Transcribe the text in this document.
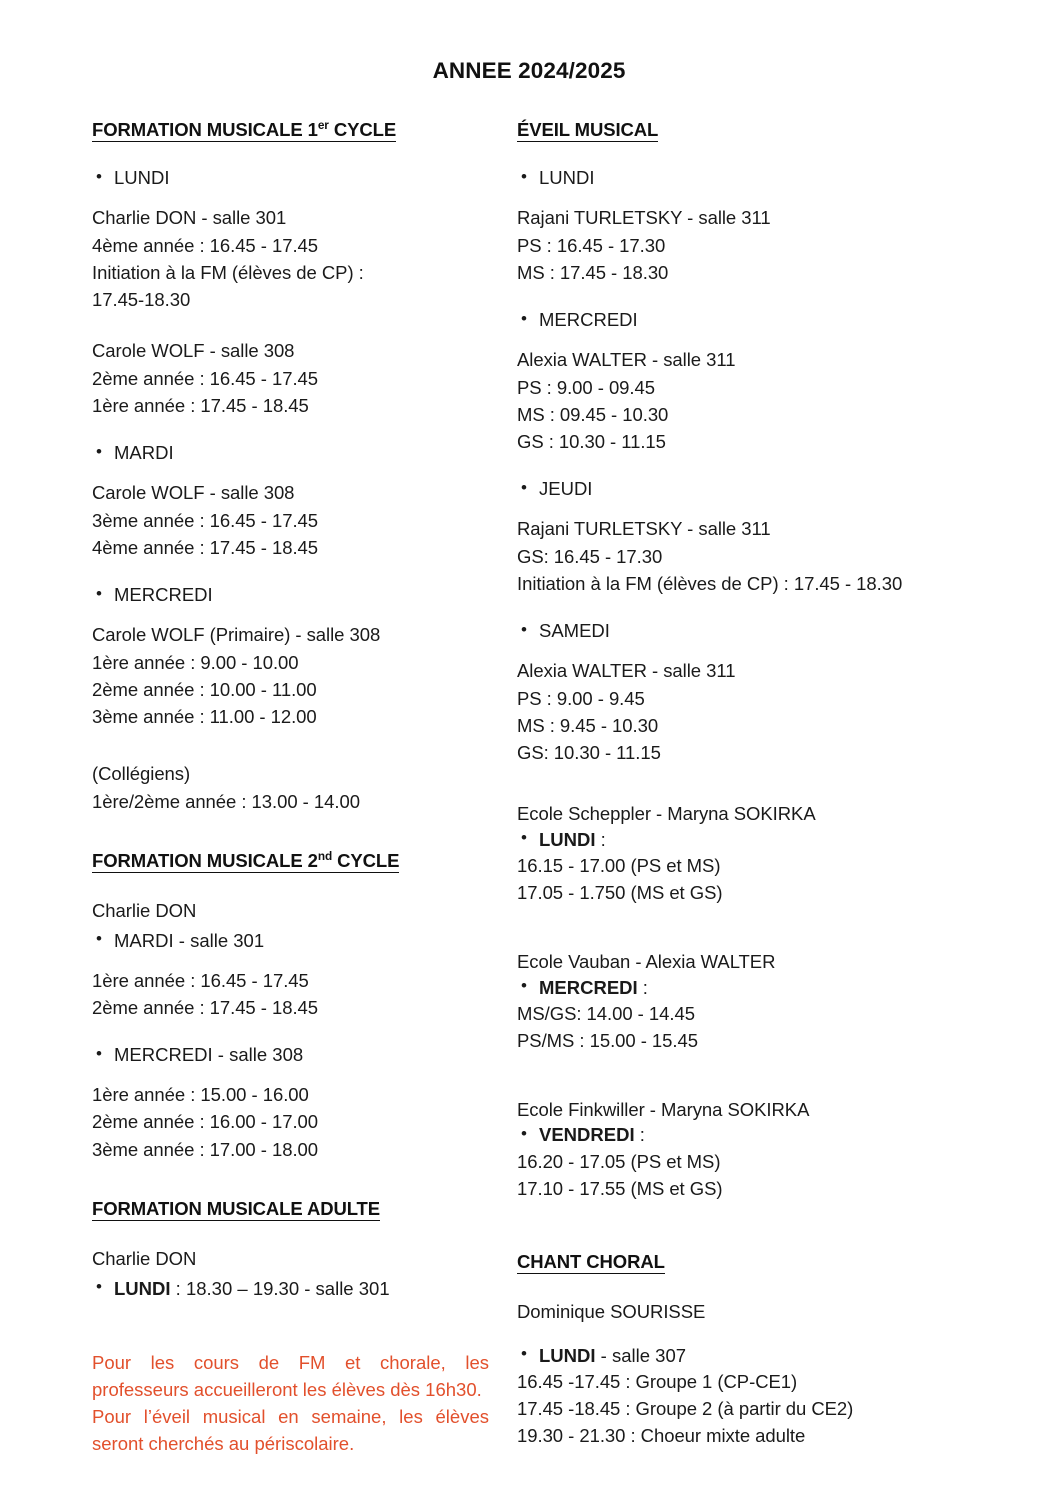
ANNEE 2024/2025
FORMATION MUSICALE 1er CYCLE
• LUNDI
Charlie DON - salle 301
4ème année : 16.45 - 17.45
Initiation à la FM (élèves de CP) :
17.45-18.30
Carole WOLF - salle 308
2ème année : 16.45 - 17.45
1ère année : 17.45 - 18.45
• MARDI
Carole WOLF - salle 308
3ème année : 16.45 - 17.45
4ème année : 17.45 - 18.45
• MERCREDI
Carole WOLF (Primaire) - salle 308
1ère année : 9.00 - 10.00
2ème année : 10.00 - 11.00
3ème année : 11.00 - 12.00
(Collégiens)
1ère/2ème année : 13.00 - 14.00
FORMATION MUSICALE 2nd CYCLE
Charlie DON
• MARDI - salle 301
1ère année : 16.45 - 17.45
2ème année : 17.45 - 18.45
• MERCREDI - salle 308
1ère année : 15.00 - 16.00
2ème année : 16.00 - 17.00
3ème année : 17.00 - 18.00
FORMATION MUSICALE ADULTE
Charlie DON
• LUNDI : 18.30 – 19.30 - salle 301

Pour les cours de FM et chorale, les professeurs accueilleront les élèves dès 16h30.

Pour l’éveil musical en semaine, les élèves seront cherchés au périscolaire.

ÉVEIL MUSICAL
• LUNDI
Rajani TURLETSKY - salle 311
PS : 16.45 - 17.30
MS : 17.45 - 18.30
• MERCREDI
Alexia WALTER - salle 311
PS : 9.00 - 09.45
MS : 09.45 - 10.30
GS : 10.30 - 11.15
• JEUDI
Rajani TURLETSKY - salle 311
GS: 16.45 - 17.30
Initiation à la FM (élèves de CP) : 17.45 - 18.30
• SAMEDI
Alexia WALTER - salle 311
PS : 9.00 - 9.45
MS : 9.45 - 10.30
GS: 10.30 - 11.15
Ecole Scheppler - Maryna SOKIRKA
• LUNDI :
16.15 - 17.00 (PS et MS)
17.05 - 1.750 (MS et GS)
Ecole Vauban - Alexia WALTER
• MERCREDI :
MS/GS: 14.00 - 14.45
PS/MS : 15.00 - 15.45
Ecole Finkwiller - Maryna SOKIRKA
• VENDREDI :
16.20 - 17.05 (PS et MS)
17.10 - 17.55 (MS et GS)
CHANT CHORAL
Dominique SOURISSE
• LUNDI - salle 307
16.45 -17.45 : Groupe 1 (CP-CE1)
17.45 -18.45 : Groupe 2 (à partir du CE2)
19.30 - 21.30 : Choeur mixte adulte
